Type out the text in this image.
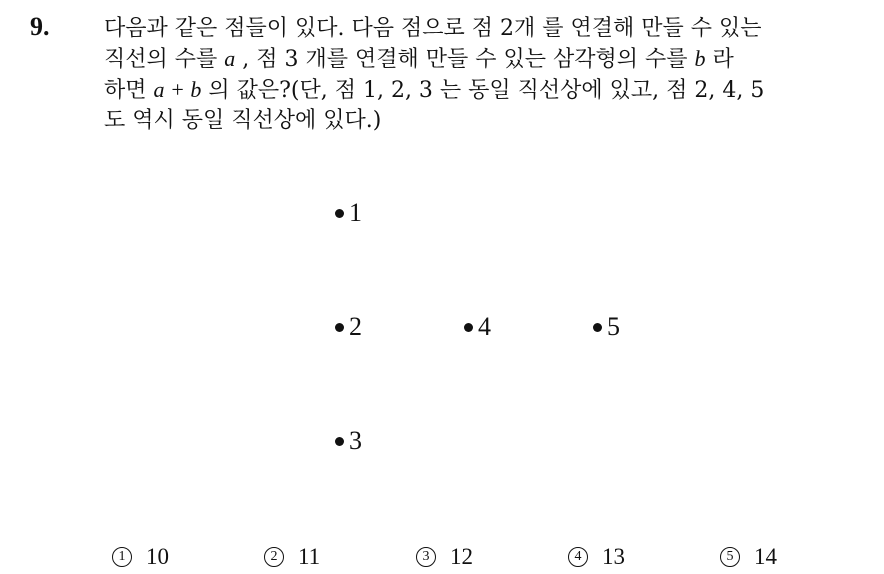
9. 다음과 같은 점들이 있다. 다음 점으로 점 2개 를 연결해 만들 수 있는
직선의 수를 a , 점 3 개를 연결해 만들 수 있는 삼각형의 수를 b 라
하면 a + b 의 값은?(단, 점 1, 2, 3 는 동일 직선상에 있고, 점 2, 4, 5
도 역시 동일 직선상에 있다.)
1
2	4	5
3
1 10	2 11	3 12	4 13	5 14
